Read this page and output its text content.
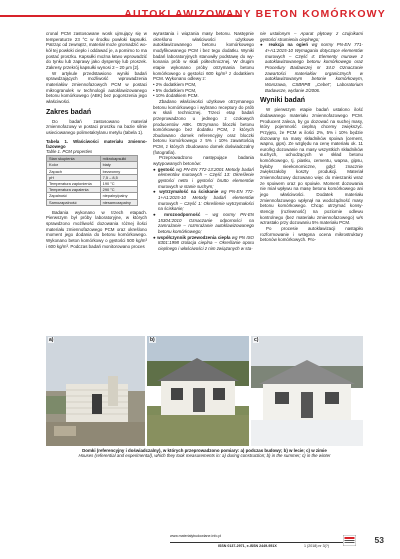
AUTOKLAWIZOWANY BETON KOMÓRKOWY

cronal PCM zastosowane wosk ujmujący się w temperaturze 23 °C w środku powłoki kapsułki. Patrząc od zewnątrz, materiał może gromadzić wokół tej powłoki ciepło i oddawać je, a pomimo to ma postać proszku. Kapsułki można łatwo wprowadzić do tynku lub zaprawy jako dyspersję lub proszek. Zakresy przekrój kapsułki wynosi 2 – 20 μm [2].

W artykule przedstawiono wyniki badań sprawdzających możliwość wprowadzenia materiałów zmiennofazowych PCM w postaci mikrogranulek w technologii autoklawizowanego betonu komórkowego (ABK) bez pogorszenia jego właściwości.

Zakres badań

Do badań zastosowano materiał zmiennofazowy w postaci proszku na bazie silnie usieciowanego polimetakrylanu metylu (tabela 1).

Tabela 1. Właściwości materiału zmiennofazowego
Table 1. PCM properties
Stan skupienia	mikrokapsułki
Kolor	biały
Zapach	bezwonny
pH	7,5 – 8,5
Temperatura zapłonienia	190 °C
Temperatura zapalenia	290 °C
Zapalność	niepalny/palny
Samozapalność	niesamozapalny

Badania wykonano w trzech etapach. Pierwszym był próby laboratoryjne, w których sprawdzono możliwość dozowania różnej ilości materiału zmiennofazowego PCM oraz określono moment jego dodania do betonu komórkowego. Wykonano beton komórkowy o gęstości 500 kg/m³ i 600 kg/m³. Podczas badań monitorowano proces

wyrastania i wiązania masy betonu. Następnie określono właściwości użytkowe autoklawizowanego betonu komórkowego modyfikowanego PCM i bez tego dodatku. Wyniki badań laboratoryjnych stanowiły podstawę do wykonania prób w skali półtechnicznej. W drugim etapie wykonano próby otrzymania betonu komórkowego o gęstości 600 kg/m³ z dodatkiem PCM. Wykonano odlewy z:

• 2% dodatkiem PCM,
• 5% dodatkiem PCM,
• 10% dodatkiem PCM.

Zbadano właściwości użytkowe otrzymanego betonu komórkowego i wybrano receptury do prób w skali technicznej. Trzeci etap badań przeprowadzono u jednego z czołowych producentów ABK. Otrzymano bloczki betonu komórkowego bez dodatku PCM, z których zbudowano domek referencyjny oraz bloczki betonu komórkowego z 5% i 10% zawartością PCM, z których zbudowano domek doświadczalny (fotografia).

Przeprowadzono następujące badania wytypowanych betonów:

● gęstość wg PN-EN 772-13:2001 Metody badań elementów murowych – Część 13: Określenie gęstości netto i gęstości brutto elementów murowych w stanie suchym;
● wytrzymałość na ściskanie wg PN-EN 772-1+A1:2015-10 Metody badań elementów murowych – Część 1: Określenie wytrzymałości na ściskanie;
● mrozoodporność – wg normy PN-EN 15304:2010 Oznaczanie odporności na zamrażanie – rozmrażanie autoklawizowanego betonu komórkowego;
● współczynnik przewodzenia ciepła wg PN ISO 8301:1998 Izolacja cieplna – Określanie oporu cieplnego i właściwości z nim związanych w sta-

nie ustalonym – Aparat płytowy z czujnikami gęstości strumienia cieplnego;

● reakcja na ogień wg normy PN-EN 771-4+A1:2015-10 Wymagania dotyczące elementów murowych – Część 4: Elementy murowe z autoklawizowanego betonu komórkowego oraz Procedury Badawczej nr 34.0 Oznaczanie zawartości materiałów organicznych w autoklawizowanym betonie komórkowym, Warszawa, CSBRPB „Cebet”, Laboratorium Badawcze, wydanie 2/2006.
Wyniki badań

W pierwszym etapie badań ustalono ilość dodawanego materiału zmiennofazowego PCM. Producent zaleca, by go dozować na suchej masy, który pojemność cieplną chcemy zwiększyć. Przyjęto, że PCM w ilości 2%, 5% i 10% będzie dozowany na masy składników spoiwa (cement, wapno, gips). Ze względu na cenę materiału ok. 11 euro/kg dozowanie na masy wszystkich składników suchych, uchodzących w skład betonu komórkowego, tj. piasku, cementu, wapna, gipsu, byłoby nieekonomiczne, gdyż znacznie zwiększałoby koszty produkcji. Materiał zmiennofazowy dozowano więc do mieszanki wraz ze spoiwem oraz po spoiwie. Moment dozowania nie miał wpływu na masę betonu komórkowego ani jego właściwości. Dodatek materiału zmiennofazowego wpłynął na wodożądność masy betonu komórkowego. Chcąc utrzymać konsystencję (rozlewność) na poziomie odlewu kontrolnego (bez materiału zmiennofazowego) w/s wzrastało przy dozowaniu 5% materiału PCM.

Po procesie autoklawizacji nastąpiło rozformowanie i wstępna ocena mikrostruktury betonów komórkowych. Pro-

a)	b)	c)
Domki (referencyjny i doświadczalny), w których przeprowadzono pomiary: a) podczas budowy; b) w lecie; c) w zimie
Houses (referential and experimental), which they took measurements in: a) during construction; b) in the summer; c) in the winter
www.materialybudowlane.info.pl
ISSN 0137-2971, e-ISSN 2449-951X	1 (2018) nr 3(?)
53
